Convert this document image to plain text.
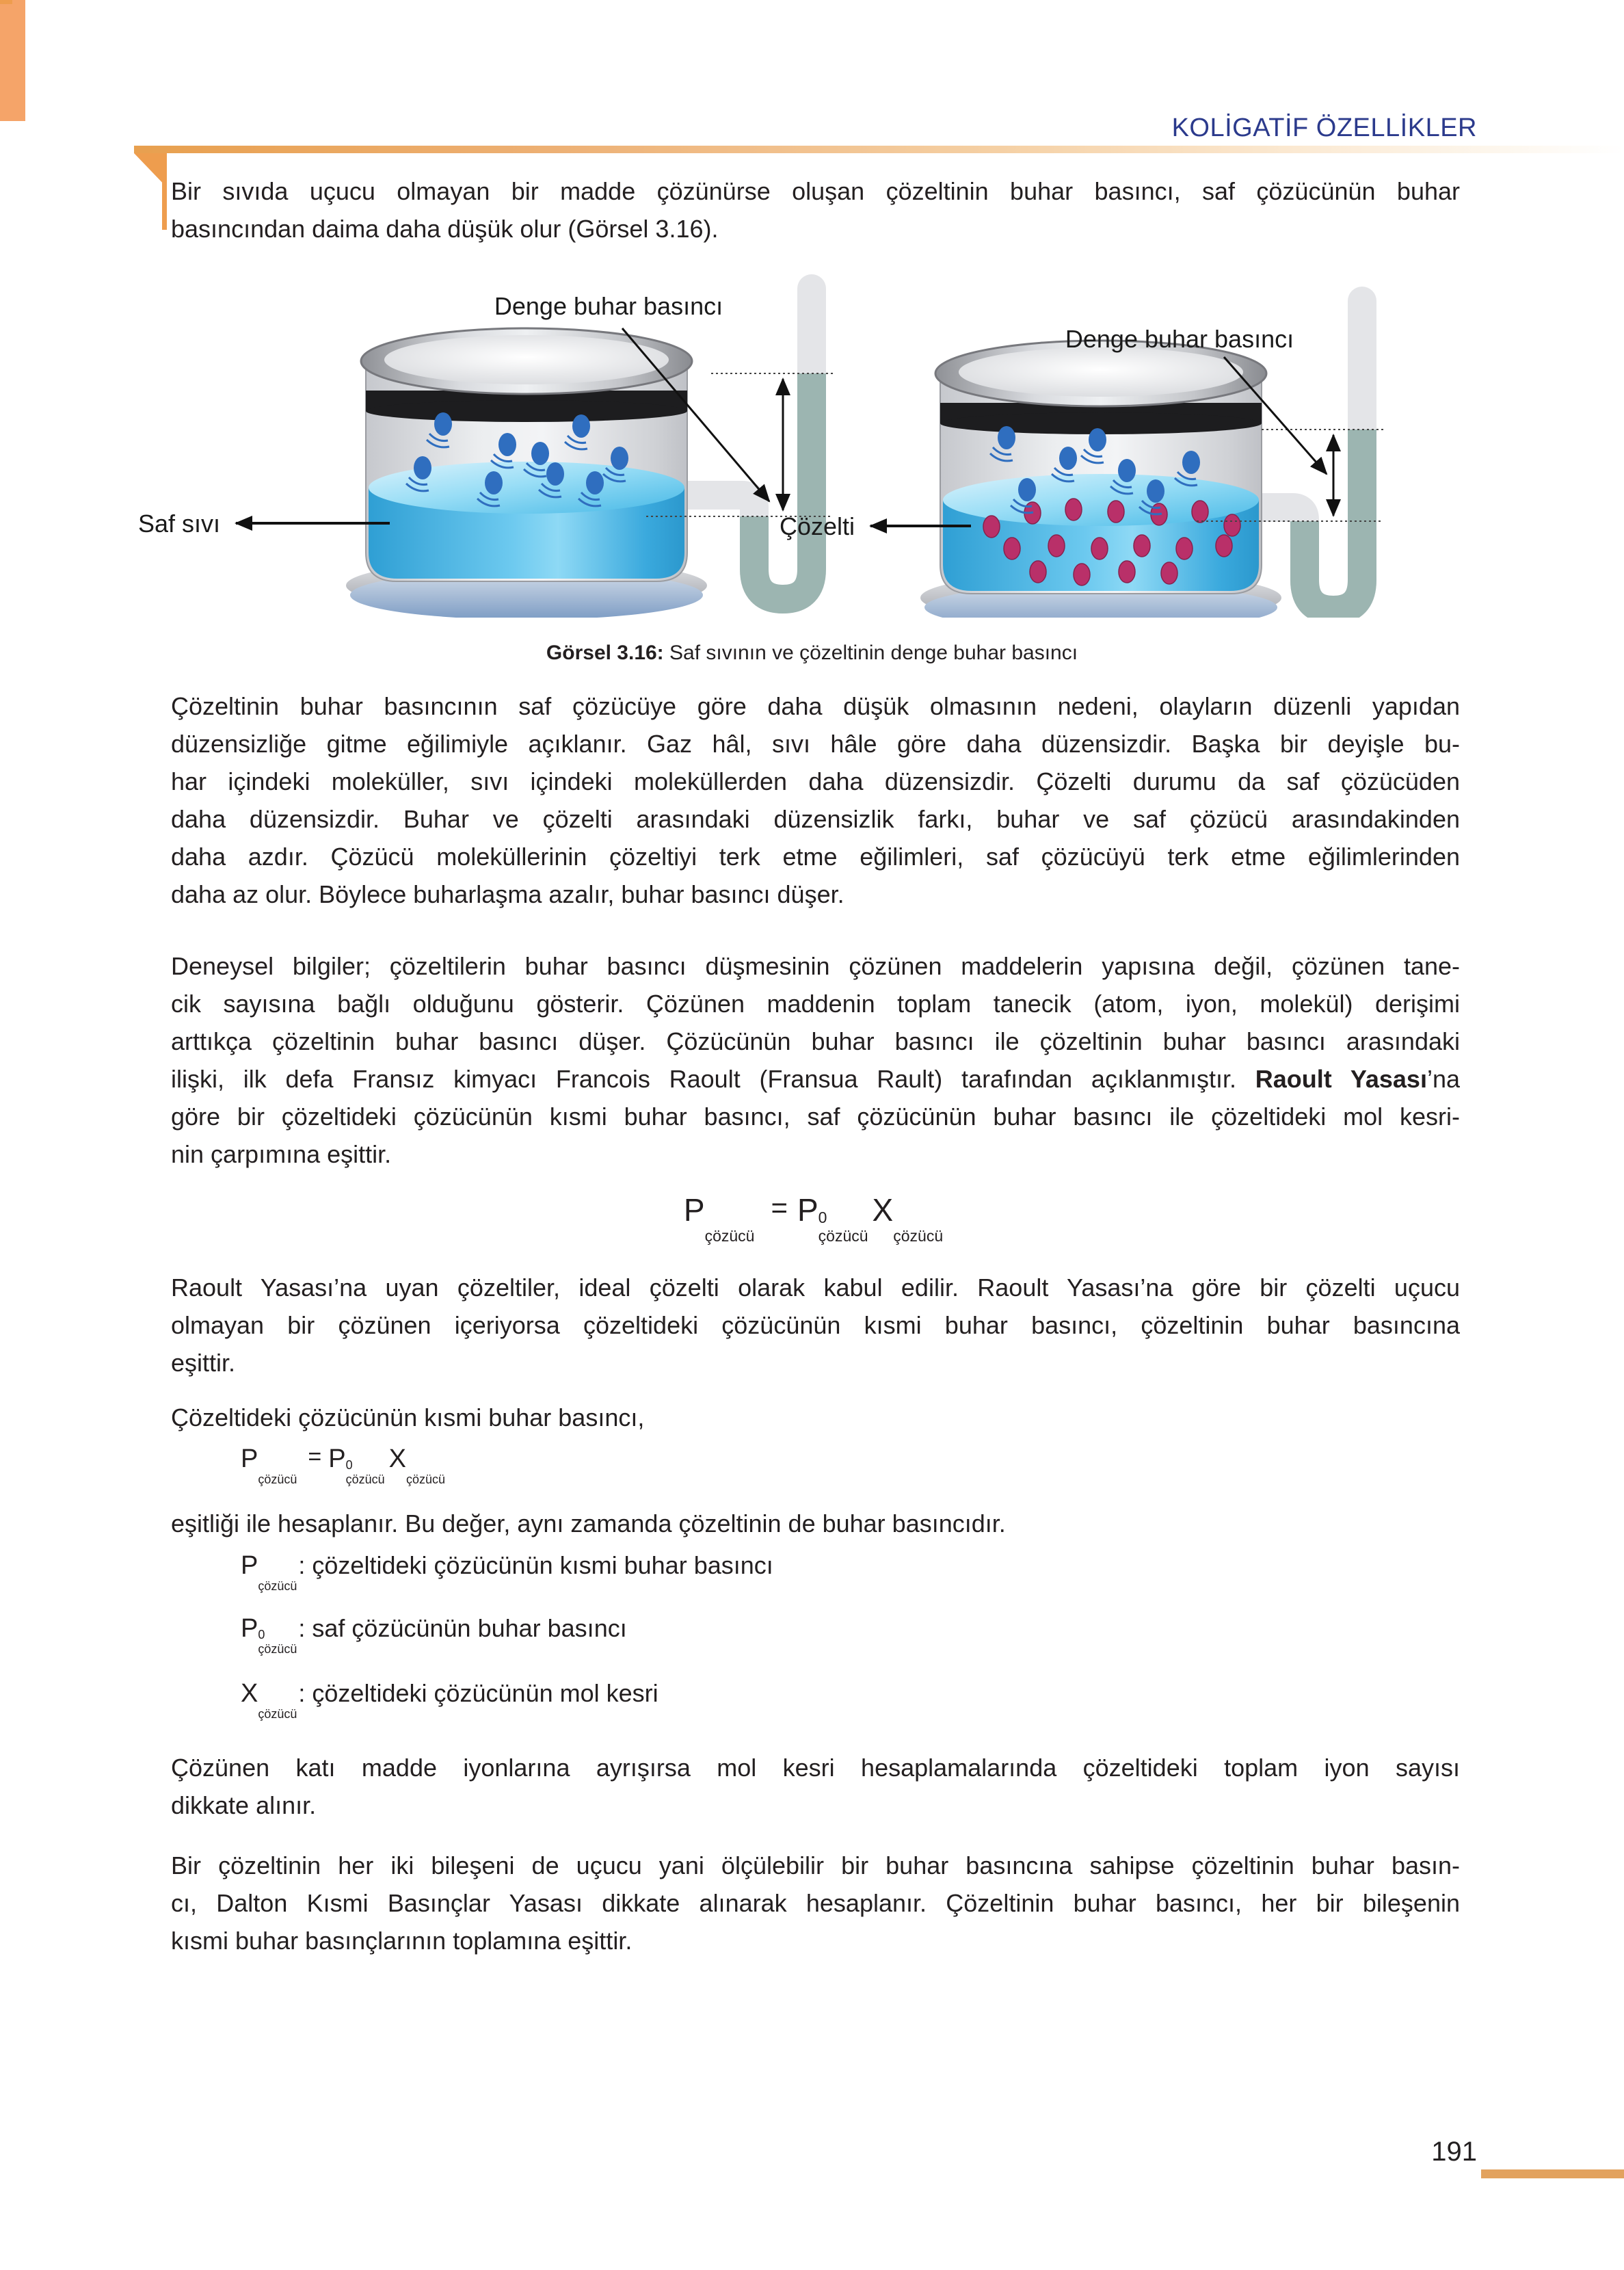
KOLİGATİF ÖZELLİKLER
Bir sıvıda uçucu olmayan bir madde çözünürse oluşan çözeltinin buhar basıncı, saf çözücünün buhar
basıncından daima daha düşük olur (Görsel 3.16).
Denge buhar basıncı
Saf sıvı
Denge buhar basıncı
Çözelti
Görsel 3.16: Saf sıvının ve çözeltinin denge buhar basıncı
Çözeltinin buhar basıncının saf çözücüye göre daha düşük olmasının nedeni, olayların düzenli yapıdan
düzensizliğe gitme eğilimiyle açıklanır. Gaz hâl, sıvı hâle göre daha düzensizdir. Başka bir deyişle bu-
har içindeki moleküller, sıvı içindeki moleküllerden daha düzensizdir. Çözelti durumu da saf çözücüden
daha düzensizdir. Buhar ve çözelti arasındaki düzensizlik farkı, buhar ve saf çözücü arasındakinden
daha azdır. Çözücü moleküllerinin çözeltiyi terk etme eğilimleri, saf çözücüyü terk etme eğilimlerinden
daha az olur. Böylece buharlaşma azalır, buhar basıncı düşer.
Deneysel bilgiler; çözeltilerin buhar basıncı düşmesinin çözünen maddelerin yapısına değil, çözünen tane-
cik sayısına bağlı olduğunu gösterir. Çözünen maddenin toplam tanecik (atom, iyon, molekül) derişimi
arttıkça çözeltinin buhar basıncı düşer. Çözücünün buhar basıncı ile çözeltinin buhar basıncı arasındaki
ilişki, ilk defa Fransız kimyacı Francois Raoult (Fransua Rault) tarafından açıklanmıştır. Raoult Yasası’na
göre bir çözeltideki çözücünün kısmi buhar basıncı, saf çözücünün buhar basıncı ile çözeltideki mol kesri-
nin çarpımına eşittir.
P
çözücü
= P 0
çözücü
X
çözücü
Raoult Yasası’na uyan çözeltiler, ideal çözelti olarak kabul edilir. Raoult Yasası’na göre bir çözelti uçucu
olmayan bir çözünen içeriyorsa çözeltideki çözücünün kısmi buhar basıncı, çözeltinin buhar basıncına
eşittir.
Çözeltideki çözücünün kısmi buhar basıncı,
P
çözücü
= P 0
çözücü
X
çözücü
eşitliği ile hesaplanır. Bu değer, aynı zamanda çözeltinin de buhar basıncıdır.
P
çözücü
: çözeltideki çözücünün kısmi buhar basıncı
P 0
çözücü
: saf çözücünün buhar basıncı
X
çözücü
: çözeltideki çözücünün mol kesri
Çözünen katı madde iyonlarına ayrışırsa mol kesri hesaplamalarında çözeltideki toplam iyon sayısı
dikkate alınır.
Bir çözeltinin her iki bileşeni de uçucu yani ölçülebilir bir buhar basıncına sahipse çözeltinin buhar basın-
cı, Dalton Kısmi Basınçlar Yasası dikkate alınarak hesaplanır. Çözeltinin buhar basıncı, her bir bileşenin
kısmi buhar basınçlarının toplamına eşittir.
191
